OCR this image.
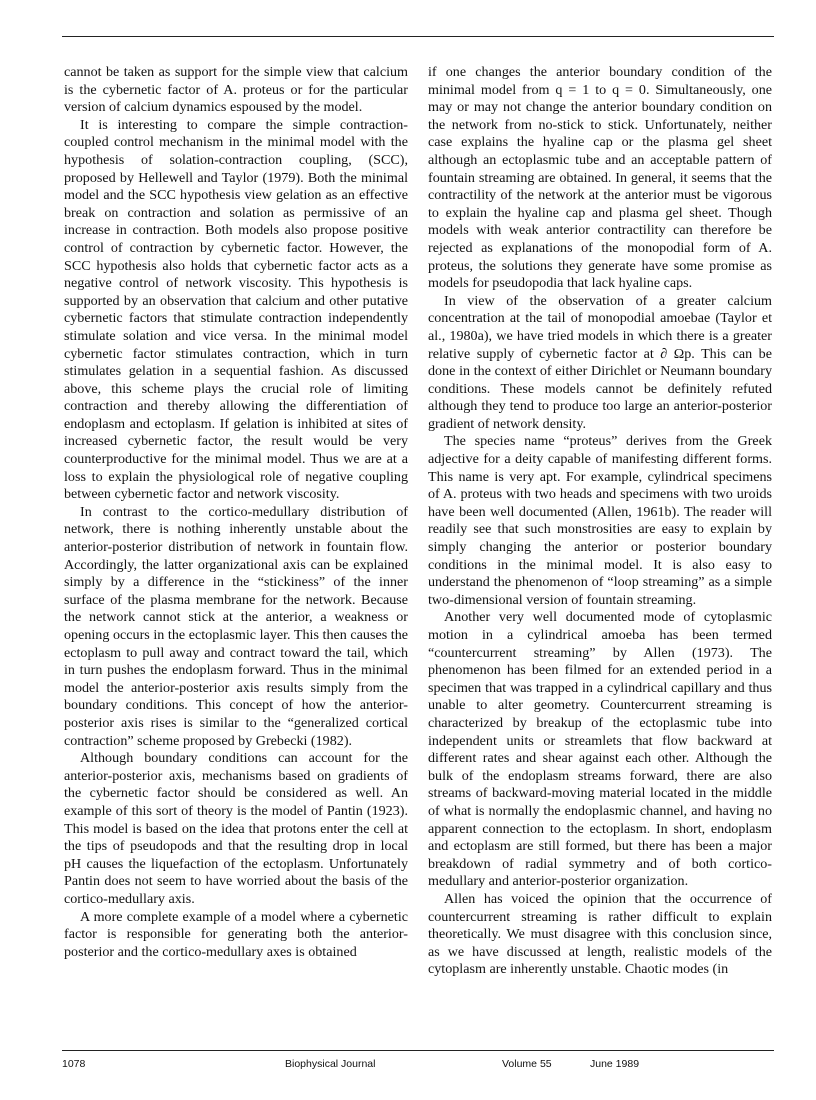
cannot be taken as support for the simple view that calcium is the cybernetic factor of A. proteus or for the particular version of calcium dynamics espoused by the model.

It is interesting to compare the simple contraction-coupled control mechanism in the minimal model with the hypothesis of solation-contraction coupling, (SCC), proposed by Hellewell and Taylor (1979). Both the minimal model and the SCC hypothesis view gelation as an effective break on contraction and solation as permissive of an increase in contraction. Both models also propose positive control of contraction by cybernetic factor. However, the SCC hypothesis also holds that cybernetic factor acts as a negative control of network viscosity. This hypothesis is supported by an observation that calcium and other putative cybernetic factors that stimulate contraction independently stimulate solation and vice versa. In the minimal model cybernetic factor stimulates contraction, which in turn stimulates gelation in a sequential fashion. As discussed above, this scheme plays the crucial role of limiting contraction and thereby allowing the differentiation of endoplasm and ectoplasm. If gelation is inhibited at sites of increased cybernetic factor, the result would be very counterproductive for the minimal model. Thus we are at a loss to explain the physiological role of negative coupling between cybernetic factor and network viscosity.

In contrast to the cortico-medullary distribution of network, there is nothing inherently unstable about the anterior-posterior distribution of network in fountain flow. Accordingly, the latter organizational axis can be explained simply by a difference in the “stickiness” of the inner surface of the plasma membrane for the network. Because the network cannot stick at the anterior, a weakness or opening occurs in the ectoplasmic layer. This then causes the ectoplasm to pull away and contract toward the tail, which in turn pushes the endoplasm forward. Thus in the minimal model the anterior-posterior axis results simply from the boundary conditions. This concept of how the anterior-posterior axis rises is similar to the “generalized cortical contraction” scheme proposed by Grebecki (1982).

Although boundary conditions can account for the anterior-posterior axis, mechanisms based on gradients of the cybernetic factor should be considered as well. An example of this sort of theory is the model of Pantin (1923). This model is based on the idea that protons enter the cell at the tips of pseudopods and that the resulting drop in local pH causes the liquefaction of the ectoplasm. Unfortunately Pantin does not seem to have worried about the basis of the cortico-medullary axis.

A more complete example of a model where a cybernetic factor is responsible for generating both the anterior-posterior and the cortico-medullary axes is obtained

if one changes the anterior boundary condition of the minimal model from q = 1 to q = 0. Simultaneously, one may or may not change the anterior boundary condition on the network from no-stick to stick. Unfortunately, neither case explains the hyaline cap or the plasma gel sheet although an ectoplasmic tube and an acceptable pattern of fountain streaming are obtained. In general, it seems that the contractility of the network at the anterior must be vigorous to explain the hyaline cap and plasma gel sheet. Though models with weak anterior contractility can therefore be rejected as explanations of the monopodial form of A. proteus, the solutions they generate have some promise as models for pseudopodia that lack hyaline caps.

In view of the observation of a greater calcium concentration at the tail of monopodial amoebae (Taylor et al., 1980a), we have tried models in which there is a greater relative supply of cybernetic factor at ∂ Ωp. This can be done in the context of either Dirichlet or Neumann boundary conditions. These models cannot be definitely refuted although they tend to produce too large an anterior-posterior gradient of network density.

The species name “proteus” derives from the Greek adjective for a deity capable of manifesting different forms. This name is very apt. For example, cylindrical specimens of A. proteus with two heads and specimens with two uroids have been well documented (Allen, 1961b). The reader will readily see that such monstrosities are easy to explain by simply changing the anterior or posterior boundary conditions in the minimal model. It is also easy to understand the phenomenon of “loop streaming” as a simple two-dimensional version of fountain streaming.

Another very well documented mode of cytoplasmic motion in a cylindrical amoeba has been termed “countercurrent streaming” by Allen (1973). The phenomenon has been filmed for an extended period in a specimen that was trapped in a cylindrical capillary and thus unable to alter geometry. Countercurrent streaming is characterized by breakup of the ectoplasmic tube into independent units or streamlets that flow backward at different rates and shear against each other. Although the bulk of the endoplasm streams forward, there are also streams of backward-moving material located in the middle of what is normally the endoplasmic channel, and having no apparent connection to the ectoplasm. In short, endoplasm and ectoplasm are still formed, but there has been a major breakdown of radial symmetry and of both cortico-medullary and anterior-posterior organization.

Allen has voiced the opinion that the occurrence of countercurrent streaming is rather difficult to explain theoretically. We must disagree with this conclusion since, as we have discussed at length, realistic models of the cytoplasm are inherently unstable. Chaotic modes (in

1078	Biophysical Journal	Volume 55	June 1989
